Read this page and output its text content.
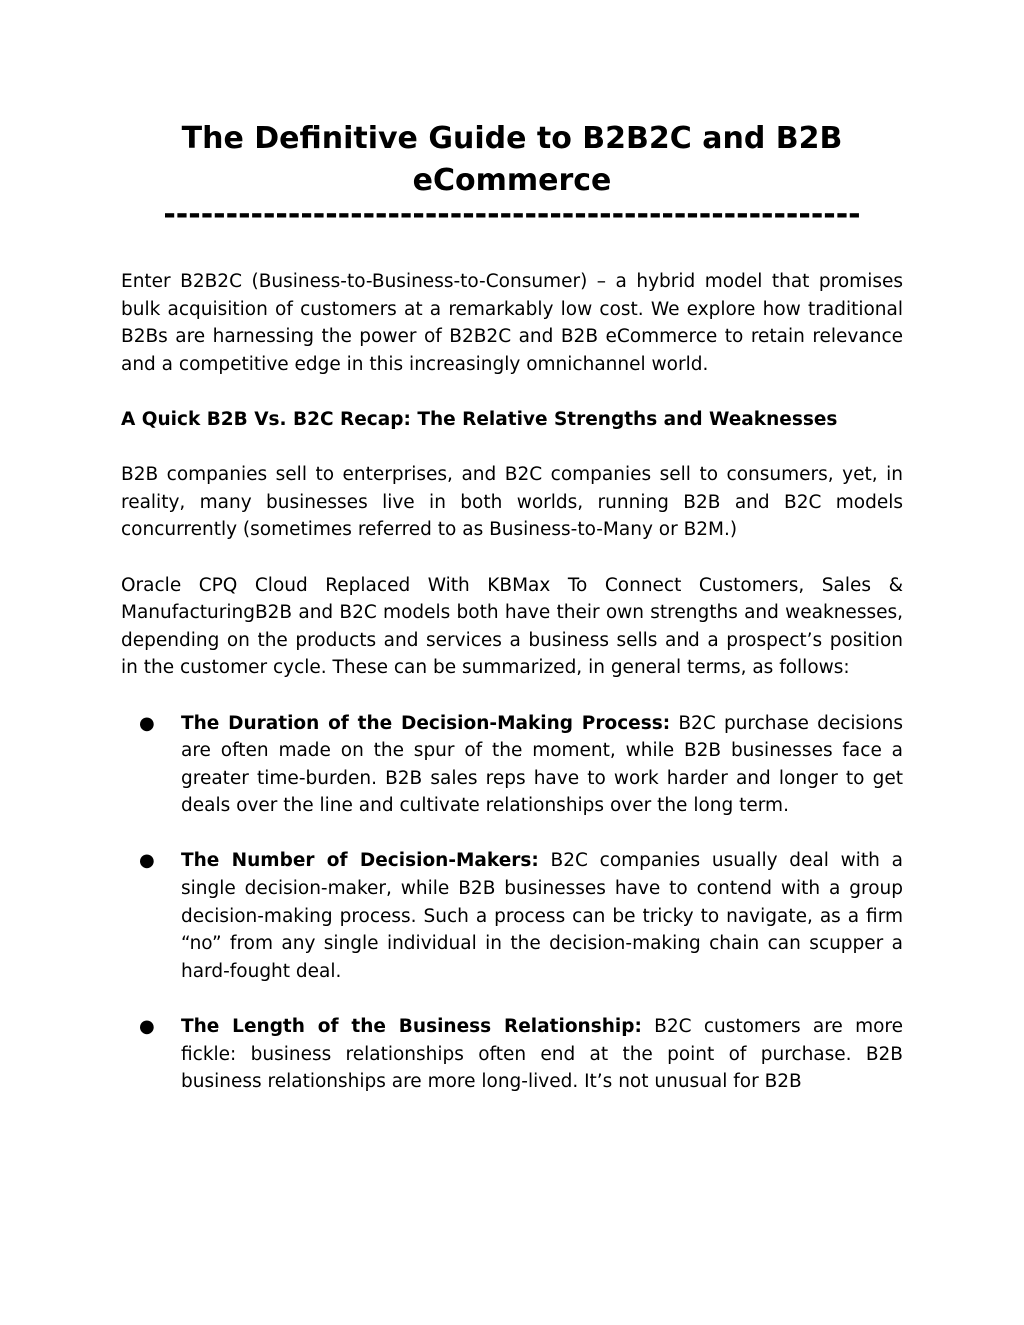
The Definitive Guide to B2B2C and B2B eCommerce
--------------------------------------------------------

Enter B2B2C (Business-to-Business-to-Consumer) – a hybrid model that promises bulk acquisition of customers at a remarkably low cost. We explore how traditional B2Bs are harnessing the power of B2B2C and B2B eCommerce to retain relevance and a competitive edge in this increasingly omnichannel world.

A Quick B2B Vs. B2C Recap: The Relative Strengths and Weaknesses

B2B companies sell to enterprises, and B2C companies sell to consumers, yet, in reality, many businesses live in both worlds, running B2B and B2C models concurrently (sometimes referred to as Business-to-Many or B2M.)

Oracle CPQ Cloud Replaced With KBMax To Connect Customers, Sales & ManufacturingB2B and B2C models both have their own strengths and weaknesses, depending on the products and services a business sells and a prospect’s position in the customer cycle. These can be summarized, in general terms, as follows:

● The Duration of the Decision-Making Process: B2C purchase decisions are often made on the spur of the moment, while B2B businesses face a greater time-burden. B2B sales reps have to work harder and longer to get deals over the line and cultivate relationships over the long term.
● The Number of Decision-Makers: B2C companies usually deal with a single decision-maker, while B2B businesses have to contend with a group decision-making process. Such a process can be tricky to navigate, as a firm “no” from any single individual in the decision-making chain can scupper a hard-fought deal.
● The Length of the Business Relationship: B2C customers are more fickle: business relationships often end at the point of purchase. B2B business relationships are more long-lived. It’s not unusual for B2B
